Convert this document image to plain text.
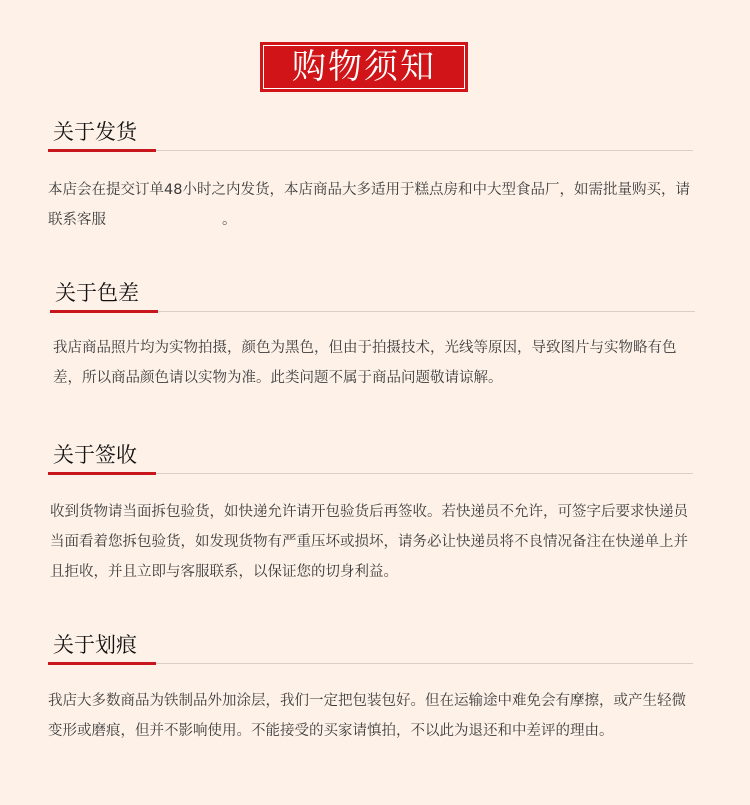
购物须知
关于发货

本店会在提交订单48小时之内发货，本店商品大多适用于糕点房和中大型食品厂，如需批量购买，请联系客服　　　　　　　　。

关于色差

我店商品照片均为实物拍摄，颜色为黑色，但由于拍摄技术，光线等原因，导致图片与实物略有色差，所以商品颜色请以实物为准。此类问题不属于商品问题敬请谅解。

关于签收

收到货物请当面拆包验货，如快递允许请开包验货后再签收。若快递员不允许，可签字后要求快递员当面看着您拆包验货，如发现货物有严重压坏或损坏，请务必让快递员将不良情况备注在快递单上并且拒收，并且立即与客服联系，以保证您的切身利益。

关于划痕

我店大多数商品为铁制品外加涂层，我们一定把包装包好。但在运输途中难免会有摩擦，或产生轻微变形或磨痕，但并不影响使用。不能接受的买家请慎拍，不以此为退还和中差评的理由。
